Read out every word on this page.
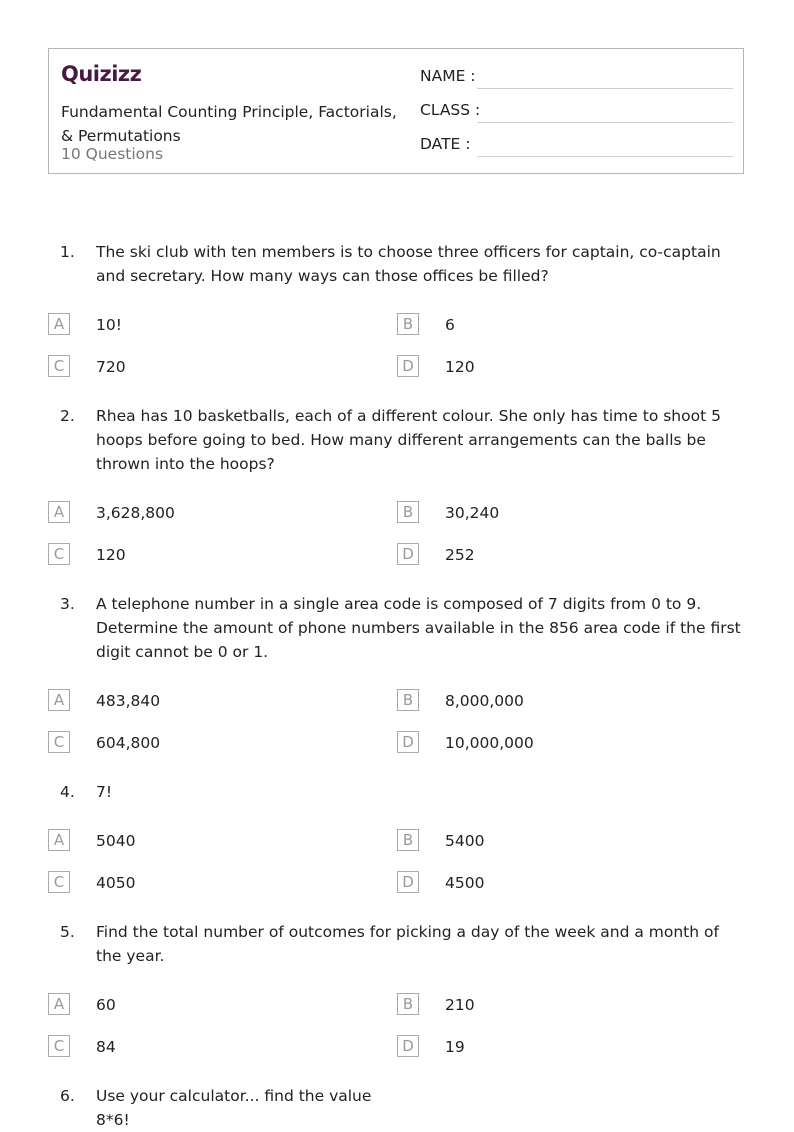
Quizizz
Fundamental Counting Principle, Factorials, & Permutations
10 Questions
NAME :
CLASS :
DATE :
1. The ski club with ten members is to choose three officers for captain, co-captain and secretary. How many ways can those offices be filled?
A	10!	B	6
C	720	D	120
2. Rhea has 10 basketballs, each of a different colour. She only has time to shoot 5 hoops before going to bed. How many different arrangements can the balls be thrown into the hoops?
A	3,628,800	B	30,240
C	120	D	252
3. A telephone number in a single area code is composed of 7 digits from 0 to 9. Determine the amount of phone numbers available in the 856 area code if the first digit cannot be 0 or 1.
A	483,840	B	8,000,000
C	604,800	D	10,000,000
4. 7!
A	5040	B	5400
C	4050	D	4500
5. Find the total number of outcomes for picking a day of the week and a month of the year.
A	60	B	210
C	84	D	19
6. Use your calculator... find the value 8*6!
